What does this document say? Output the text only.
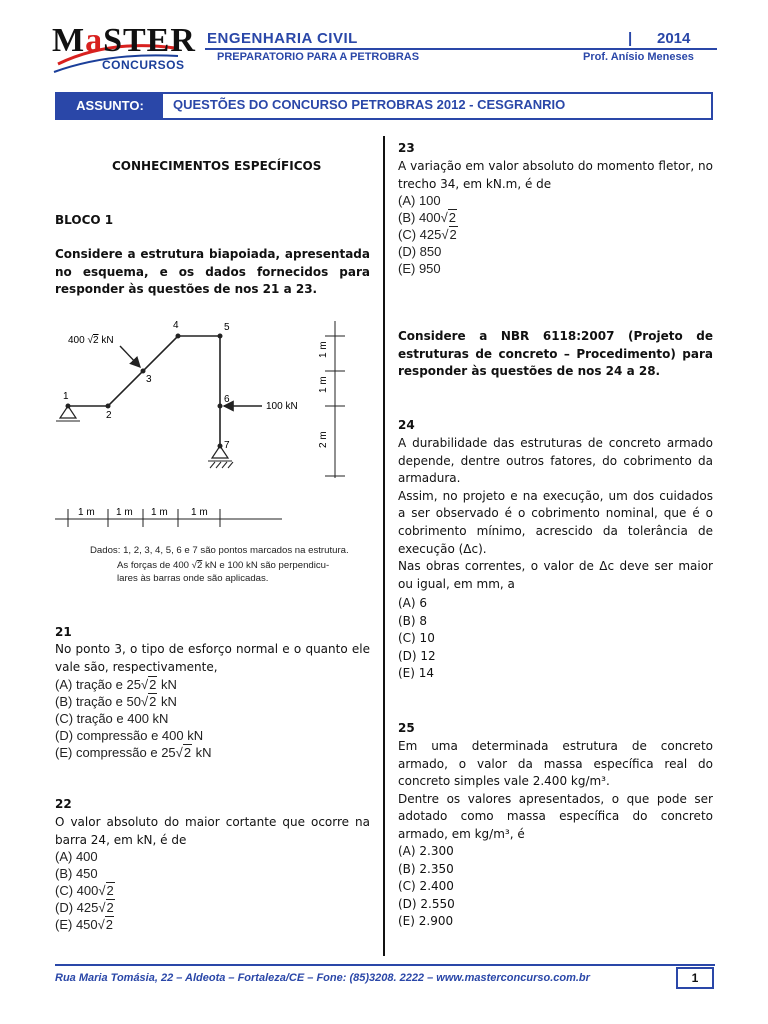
MaSTER
CONCURSOS
ENGENHARIA CIVIL	| 2014
PREPARATORIO PARA A PETROBRAS	Prof. Anísio Meneses
ASSUNTO:	QUESTÕES DO CONCURSO PETROBRAS 2012 - CESGRANRIO
CONHECIMENTOS ESPECÍFICOS
BLOCO 1
Considere a estrutura biapoiada, apresentada no esquema, e os dados fornecidos para responder às questões de nos 21 a 23.
400 √2 kN
100 kN
1
2
3
4	5
6
7
1 m
1 m
2 m
1 m 1 m 1 m 1 m
Dados: 1, 2, 3, 4, 5, 6 e 7 são pontos marcados na estrutura.
As forças de 400 √2 kN e 100 kN são perpendicu-
lares às barras onde são aplicadas.
21
No ponto 3, o tipo de esforço normal e o quanto ele vale são, respectivamente,
(A) tração e 25√2 kN
(B) tração e 50√2 kN
(C) tração e 400 kN
(D) compressão e 400 kN
(E) compressão e 25√2 kN
22
O valor absoluto do maior cortante que ocorre na barra 24, em kN, é de
(A) 400
(B) 450
(C) 400√2
(D) 425√2
(E) 450√2
23
A variação em valor absoluto do momento fletor, no trecho 34, em kN.m, é de
(A) 100
(B) 400√2
(C) 425√2
(D) 850
(E) 950
Considere a NBR 6118:2007 (Projeto de estruturas de concreto – Procedimento) para responder às questões de nos 24 a 28.
24
A durabilidade das estruturas de concreto armado depende, dentre outros fatores, do cobrimento da armadura.
Assim, no projeto e na execução, um dos cuidados a ser observado é o cobrimento nominal, que é o cobrimento mínimo, acrescido da tolerância de execução (Δc).
Nas obras correntes, o valor de Δc deve ser maior ou igual, em mm, a
(A) 6
(B) 8
(C) 10
(D) 12
(E) 14
25
Em uma determinada estrutura de concreto armado, o valor da massa específica real do concreto simples vale 2.400 kg/m³.
Dentre os valores apresentados, o que pode ser adotado como massa específica do concreto armado, em kg/m³, é
(A) 2.300
(B) 2.350
(C) 2.400
(D) 2.550
(E) 2.900
Rua Maria Tomásia, 22 – Aldeota – Fortaleza/CE – Fone: (85)3208. 2222 – www.masterconcurso.com.br	1
